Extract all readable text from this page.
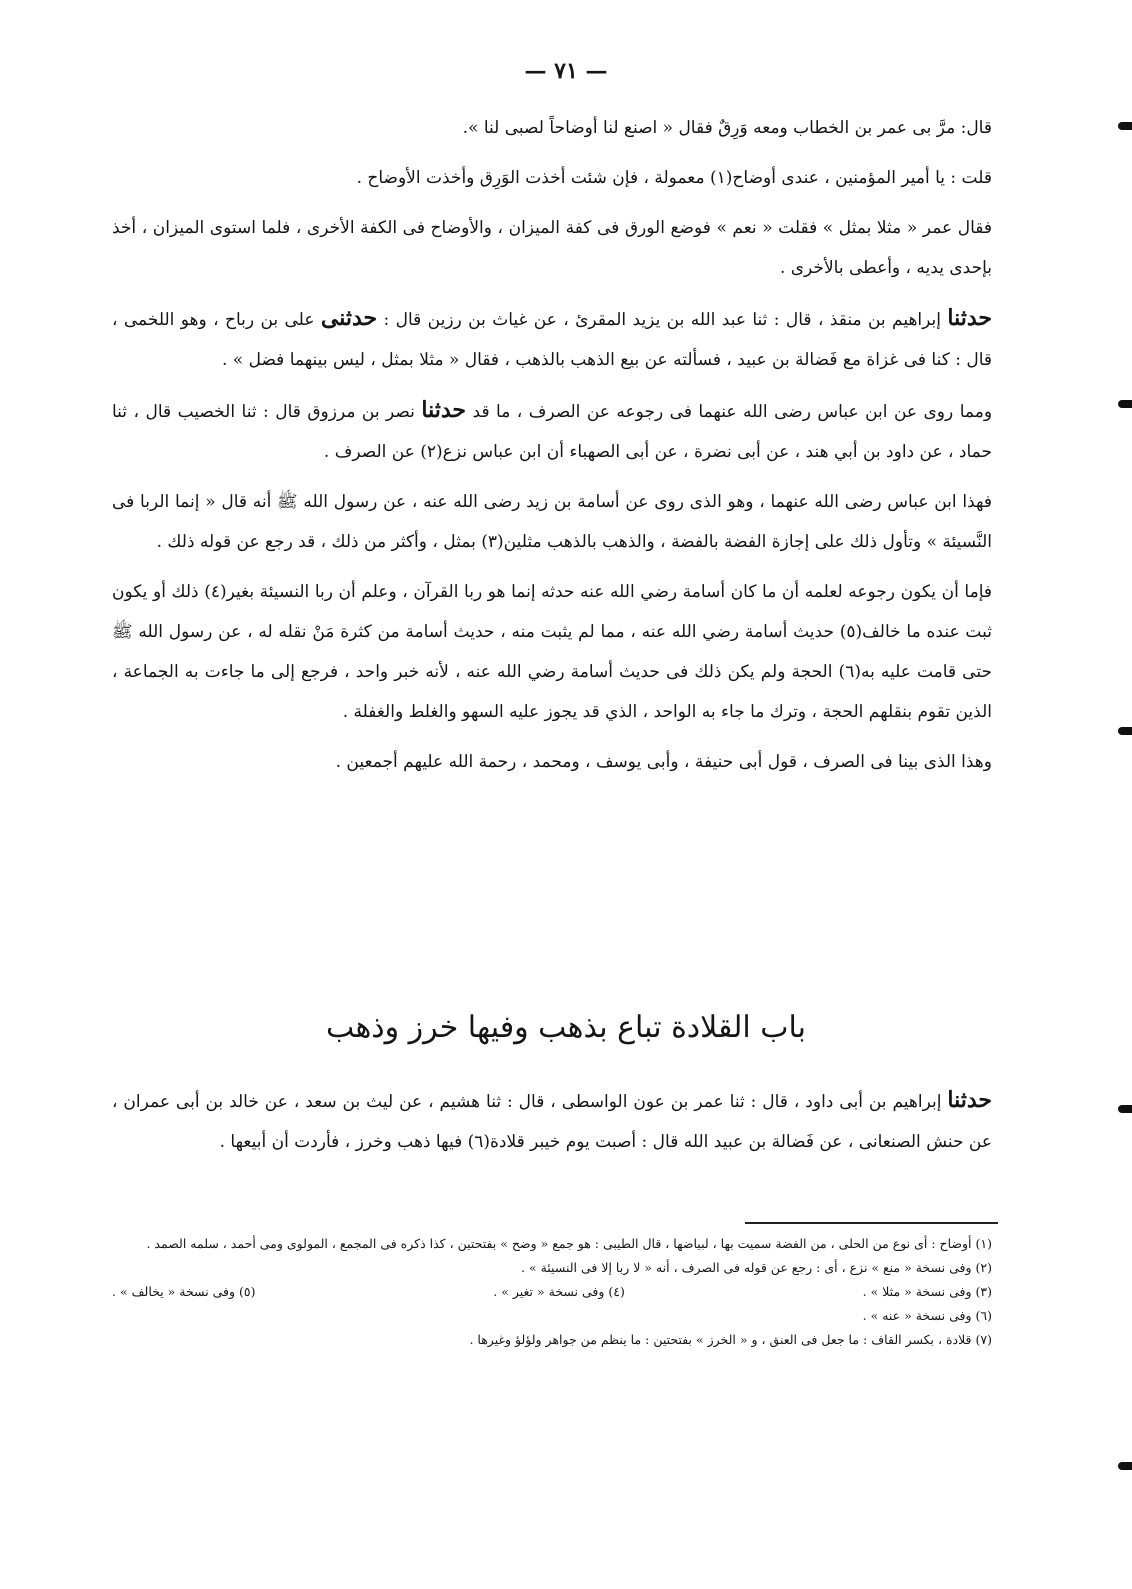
— ٧١ —

قال: مرَّ بى عمر بن الخطاب ومعه وَرِقٌ فقال « اصنع لنا أوضاحاً لصبى لنا ».

قلت : يا أمير المؤمنين ، عندى أوضاح(١) معمولة ، فإن شئت أخذت الوَرِق وأخذت الأوضاح .

فقال عمر « مثلا بمثل » فقلت « نعم » فوضع الورق فى كفة الميزان ، والأوضاح فى الكفة الأخرى ، فلما استوى الميزان ، أخذ بإحدى يديه ، وأعطى بالأخرى .

حدثنا إبراهيم بن منقذ ، قال : ثنا عبد الله بن يزيد المقرئ ، عن غياث بن رزين قال : حدثنى على بن رباح ، وهو اللخمى ، قال : كنا فى غزاة مع فَضالة بن عبيد ، فسألته عن بيع الذهب بالذهب ، فقال « مثلا بمثل ، ليس بينهما فضل » .

ومما روى عن ابن عباس رضى الله عنهما فى رجوعه عن الصرف ، ما قد حدثنا نصر بن مرزوق قال : ثنا الخصيب قال ، ثنا حماد ، عن داود بن أبي هند ، عن أبى نضرة ، عن أبى الصهباء أن ابن عباس نزع(٢) عن الصرف .

فهذا ابن عباس رضى الله عنهما ، وهو الذى روى عن أسامة بن زيد رضى الله عنه ، عن رسول الله ﷺ أنه قال « إنما الربا فى النَّسيئة » وتأول ذلك على إجازة الفضة بالفضة ، والذهب بالذهب مثلين(٣) بمثل ، وأكثر من ذلك ، قد رجع عن قوله ذلك .

فإما أن يكون رجوعه لعلمه أن ما كان أسامة رضي الله عنه حدثه إنما هو ربا القرآن ، وعلم أن ربا النسيئة بغير(٤) ذلك أو يكون ثبت عنده ما خالف(٥) حديث أسامة رضي الله عنه ، مما لم يثبت منه ، حديث أسامة من كثرة مَنْ نقله له ، عن رسول الله ﷺ حتى قامت عليه به(٦) الحجة ولم يكن ذلك فى حديث أسامة رضي الله عنه ، لأنه خبر واحد ، فرجع إلى ما جاءت به الجماعة ، الذين تقوم بنقلهم الحجة ، وترك ما جاء به الواحد ، الذي قد يجوز عليه السهو والغلط والغفلة .

وهذا الذى بينا فى الصرف ، قول أبى حنيفة ، وأبى يوسف ، ومحمد ، رحمة الله عليهم أجمعين .

باب القلادة تباع بذهب وفيها خرز وذهب

حدثنا إبراهيم بن أبى داود ، قال : ثنا عمر بن عون الواسطى ، قال : ثنا هشيم ، عن ليث بن سعد ، عن خالد بن أبى عمران ، عن حنش الصنعانى ، عن فَضالة بن عبيد الله قال : أصبت يوم خيبر قلادة(٦) فيها ذهب وخرز ، فأردت أن أبيعها .

(١) أوضاح : أى نوع من الحلى ، من الفضة سميت بها ، لبياضها ، قال الطيبى : هو جمع « وضح » بفتحتين ، كذا ذكره فى المجمع ، المولوى ومى أحمد ، سلمه الصمد .

(٢) وفى نسخة « منع » نزع ، أى : رجع عن قوله فى الصرف ، أنه « لا ربا إلا فى النسيئة » .

(٣) وفى نسخة « مثلا » .
(٤) وفى نسخة « تغير » .
(٥) وفى نسخة « يخالف » .

(٦) وفى نسخة « عنه » .

(٧) قلادة ، بكسر القاف : ما جعل فى العنق ، و « الخرز » بفتحتين : ما ينظم من جواهر ولؤلؤ وغيرها .
